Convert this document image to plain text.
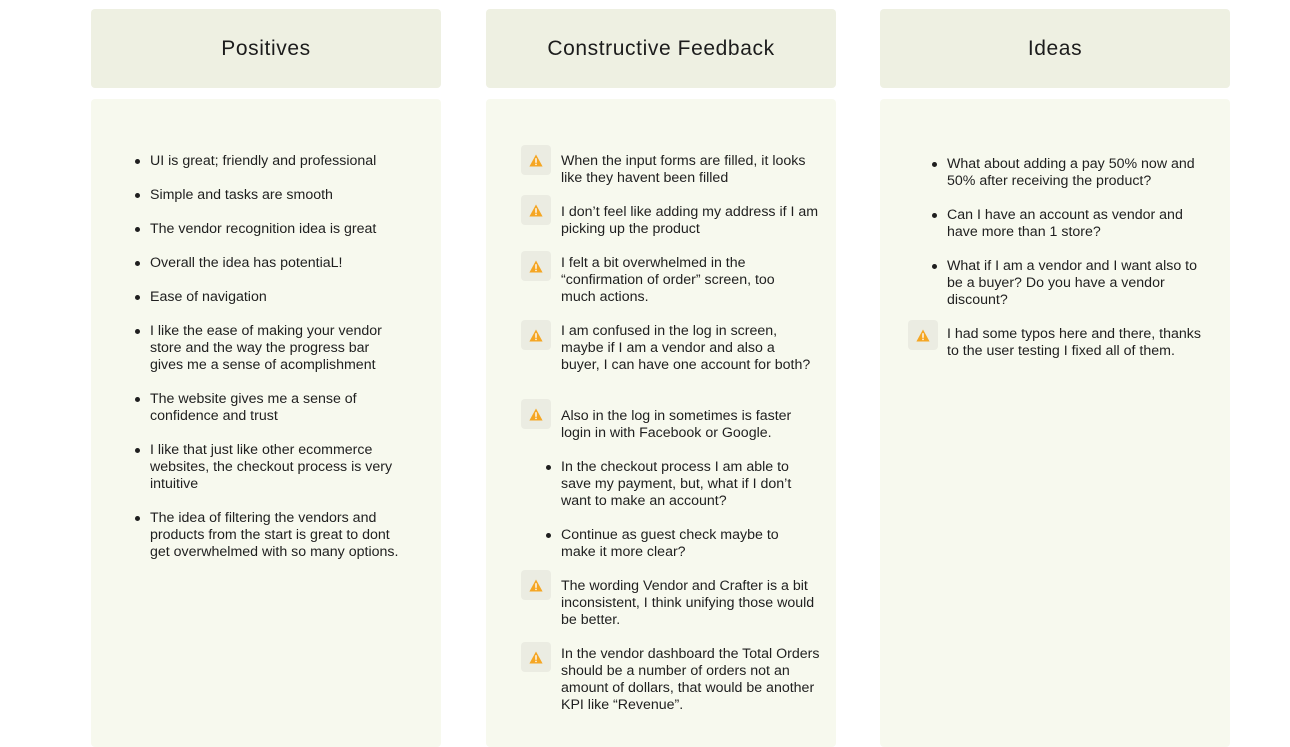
Positives
UI is great; friendly and professional
Simple and tasks are smooth
The vendor recognition idea is great
Overall the idea has potentiaL!
Ease of navigation
I like the ease of making your vendor store and the way the progress bar gives me a sense of acomplishment
The website gives me a sense of confidence and trust
I like that just like other ecommerce websites, the checkout process is very intuitive
The idea of filtering the vendors and products from the start is great to dont get overwhelmed with so many options.
Constructive Feedback
When the input forms are filled, it looks like they havent been filled
I don’t feel like adding my address if I am picking up the product
I felt a bit overwhelmed in the “confirmation of order” screen, too much actions.
I am confused in the log in screen, maybe if I am a vendor and also a buyer, I can have one account for both?
Also in the log in sometimes is faster login in with Facebook or Google.
In the checkout process I am able to save my payment, but, what if I don’t want to make an account?
Continue as guest check maybe to make it more clear?
The wording Vendor and Crafter is a bit inconsistent, I think unifying those would be better.
In the vendor dashboard the Total Orders should be a number of orders not an amount of dollars, that would be another KPI like “Revenue”.
Ideas
What about adding a pay 50% now and 50% after receiving the product?
Can I have an account as vendor and have more than 1 store?
What if I am a vendor and I want also to be a buyer? Do you have a vendor discount?
I had some typos here and there, thanks to the user testing I fixed all of them.
